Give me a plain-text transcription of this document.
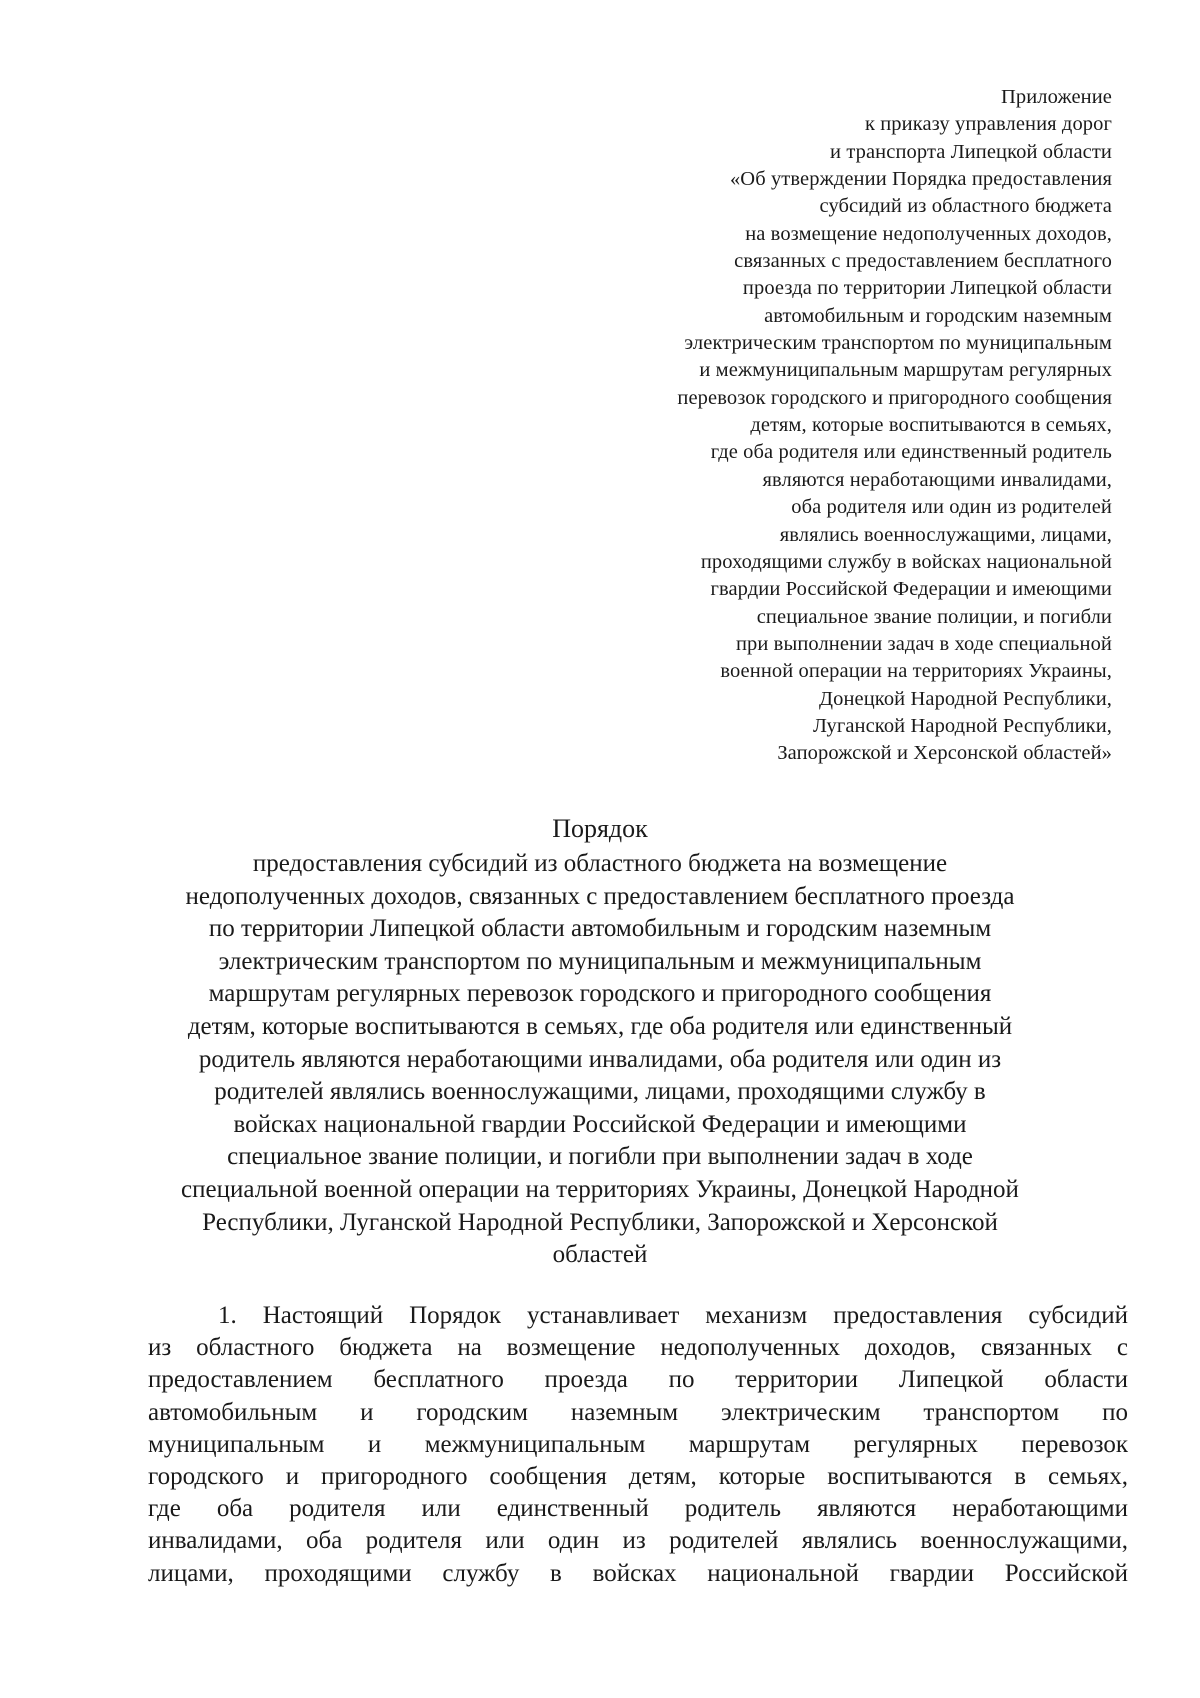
Приложение
к приказу управления дорог
и транспорта Липецкой области
«Об утверждении Порядка предоставления
субсидий из областного бюджета
на возмещение недополученных доходов,
связанных с предоставлением бесплатного
проезда по территории Липецкой области
автомобильным и городским наземным
электрическим транспортом по муниципальным
и межмуниципальным маршрутам регулярных
перевозок городского и пригородного сообщения
детям, которые воспитываются в семьях,
где оба родителя или единственный родитель
являются неработающими инвалидами,
оба родителя или один из родителей
являлись военнослужащими, лицами,
проходящими службу в войсках национальной
гвардии Российской Федерации и имеющими
специальное звание полиции, и погибли
при выполнении задач в ходе специальной
военной операции на территориях Украины,
Донецкой Народной Республики,
Луганской Народной Республики,
Запорожской и Херсонской областей»
Порядок
предоставления субсидий из областного бюджета на возмещение
недополученных доходов, связанных с предоставлением бесплатного проезда
по территории Липецкой области автомобильным и городским наземным
электрическим транспортом по муниципальным и межмуниципальным
маршрутам регулярных перевозок городского и пригородного сообщения
детям, которые воспитываются в семьях, где оба родителя или единственный
родитель являются неработающими инвалидами, оба родителя или один из
родителей являлись военнослужащими, лицами, проходящими службу в
войсках национальной гвардии Российской Федерации и имеющими
специальное звание полиции, и погибли при выполнении задач в ходе
специальной военной операции на территориях Украины, Донецкой Народной
Республики, Луганской Народной Республики, Запорожской и Херсонской
областей
1. Настоящий Порядок устанавливает механизм предоставления субсидий
из областного бюджета на возмещение недополученных доходов, связанных с
предоставлением бесплатного проезда по территории Липецкой области
автомобильным и городским наземным электрическим транспортом по
муниципальным и межмуниципальным маршрутам регулярных перевозок
городского и пригородного сообщения детям, которые воспитываются в семьях,
где оба родителя или единственный родитель являются неработающими
инвалидами, оба родителя или один из родителей являлись военнослужащими,
лицами, проходящими службу в войсках национальной гвардии Российской
